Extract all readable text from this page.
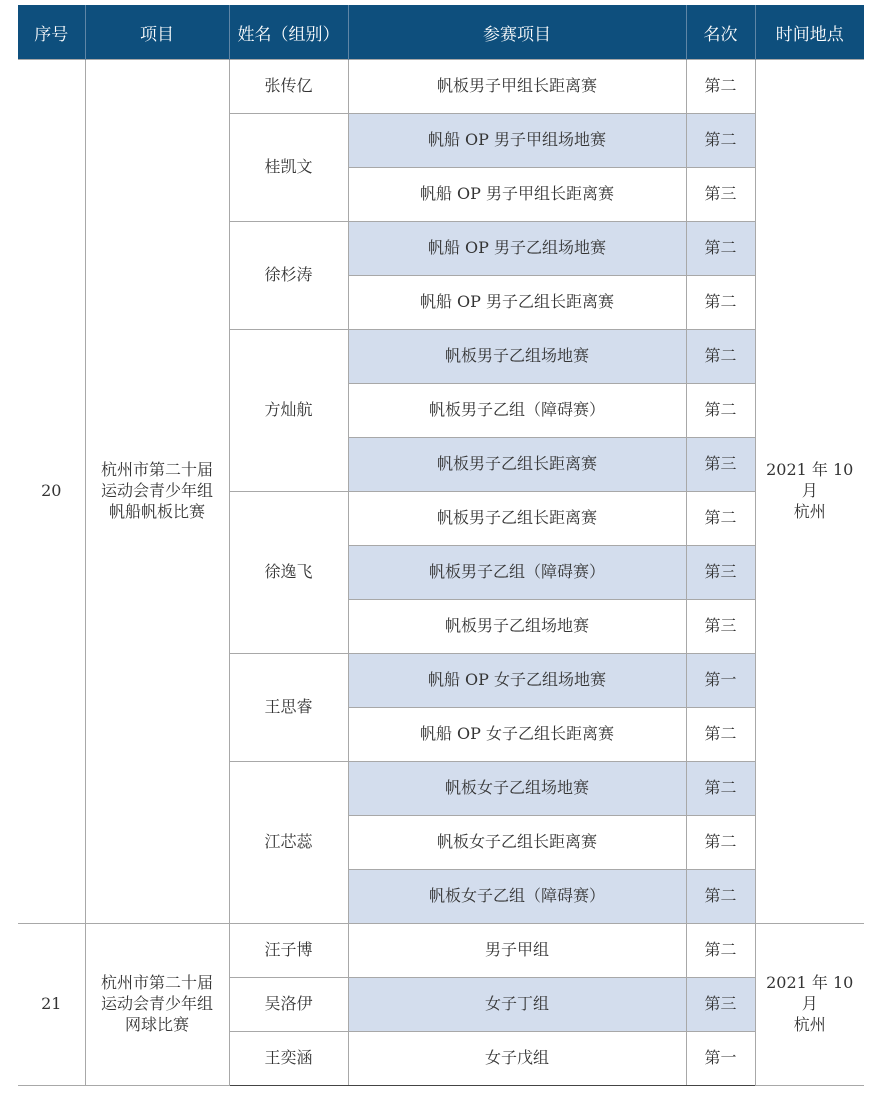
序号	项目	姓名（组别）	参赛项目	名次	时间地点
20	杭州市第二十届
运动会青少年组
帆船帆板比赛	张传亿	帆板男子甲组长距离赛	第二	2021 年 10 月
杭州

		桂凯文	帆船 OP 男子甲组场地赛	第二	
			帆船 OP 男子甲组长距离赛	第三	
		徐杉涛	帆船 OP 男子乙组场地赛	第二	
			帆船 OP 男子乙组长距离赛	第二	
		方灿航	帆板男子乙组场地赛	第二	
			帆板男子乙组（障碍赛）	第二	
			帆板男子乙组长距离赛	第三	
		徐逸飞	帆板男子乙组长距离赛	第二	
			帆板男子乙组（障碍赛）	第三	
			帆板男子乙组场地赛	第三	
		王思睿	帆船 OP 女子乙组场地赛	第一	
			帆船 OP 女子乙组长距离赛	第二	
		江芯蕊	帆板女子乙组场地赛	第二	
			帆板女子乙组长距离赛	第二	
			帆板女子乙组（障碍赛）	第二	
21	杭州市第二十届
运动会青少年组
网球比赛	汪子博	男子甲组	第二	2021 年 10 月
杭州

		吴洛伊	女子丁组	第三	
		王奕涵	女子戊组	第一	
